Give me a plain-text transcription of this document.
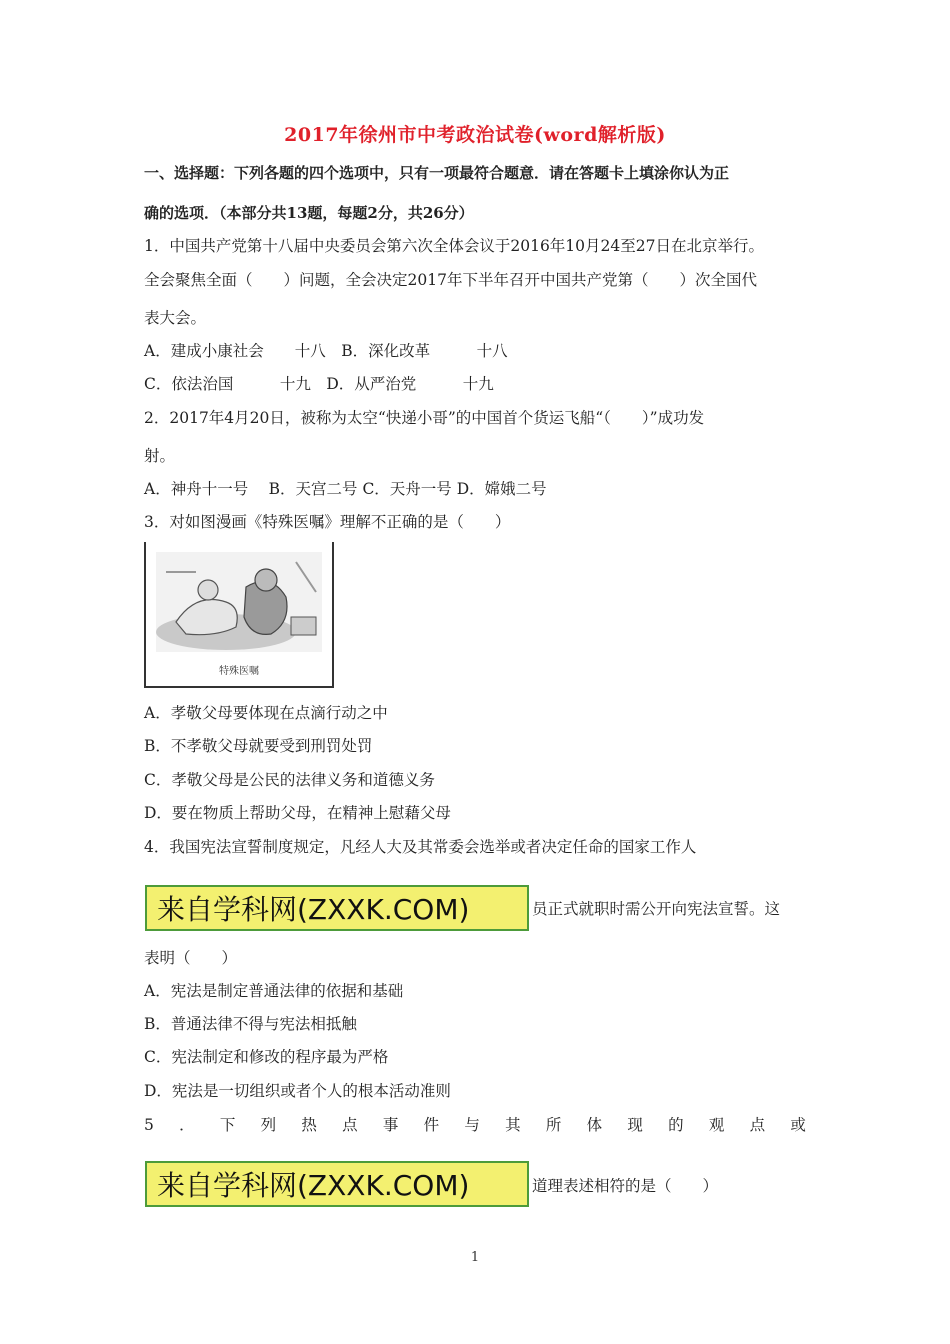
2017年徐州市中考政治试卷(word解析版)
一、选择题：下列各题的四个选项中，只有一项最符合题意．请在答题卡上填涂你认为正
确的选项．（本部分共13题，每题2分，共26分）
1．中国共产党第十八届中央委员会第六次全体会议于2016年10月24至27日在北京举行。
全会聚焦全面（　　）问题，全会决定2017年下半年召开中国共产党第（　　）次全国代
表大会。
A．建成小康社会　　十八　B．深化改革　　　十八
C．依法治国　　　十九　D．从严治党　　　十九
2．2017年4月20日，被称为太空“快递小哥”的中国首个货运飞船“（　　）”成功发
射。
A．神舟十一号　 B．天宫二号 C．天舟一号 D．嫦娥二号
3．对如图漫画《特殊医嘱》理解不正确的是（　　）
特殊医嘱
A．孝敬父母要体现在点滴行动之中
B．不孝敬父母就要受到刑罚处罚
C．孝敬父母是公民的法律义务和道德义务
D．要在物质上帮助父母，在精神上慰藉父母
4．我国宪法宣誓制度规定，凡经人大及其常委会选举或者决定任命的国家工作人
来自学科网(ZXXK.COM)	员正式就职时需公开向宪法宣誓。这
表明（　　）
A．宪法是制定普通法律的依据和基础
B．普通法律不得与宪法相抵触
C．宪法制定和修改的程序最为严格
D．宪法是一切组织或者个人的根本活动准则
5 ． 下 列 热 点 事 件 与 其 所 体 现 的 观 点 或
来自学科网(ZXXK.COM)	道理表述相符的是（　　）
1
